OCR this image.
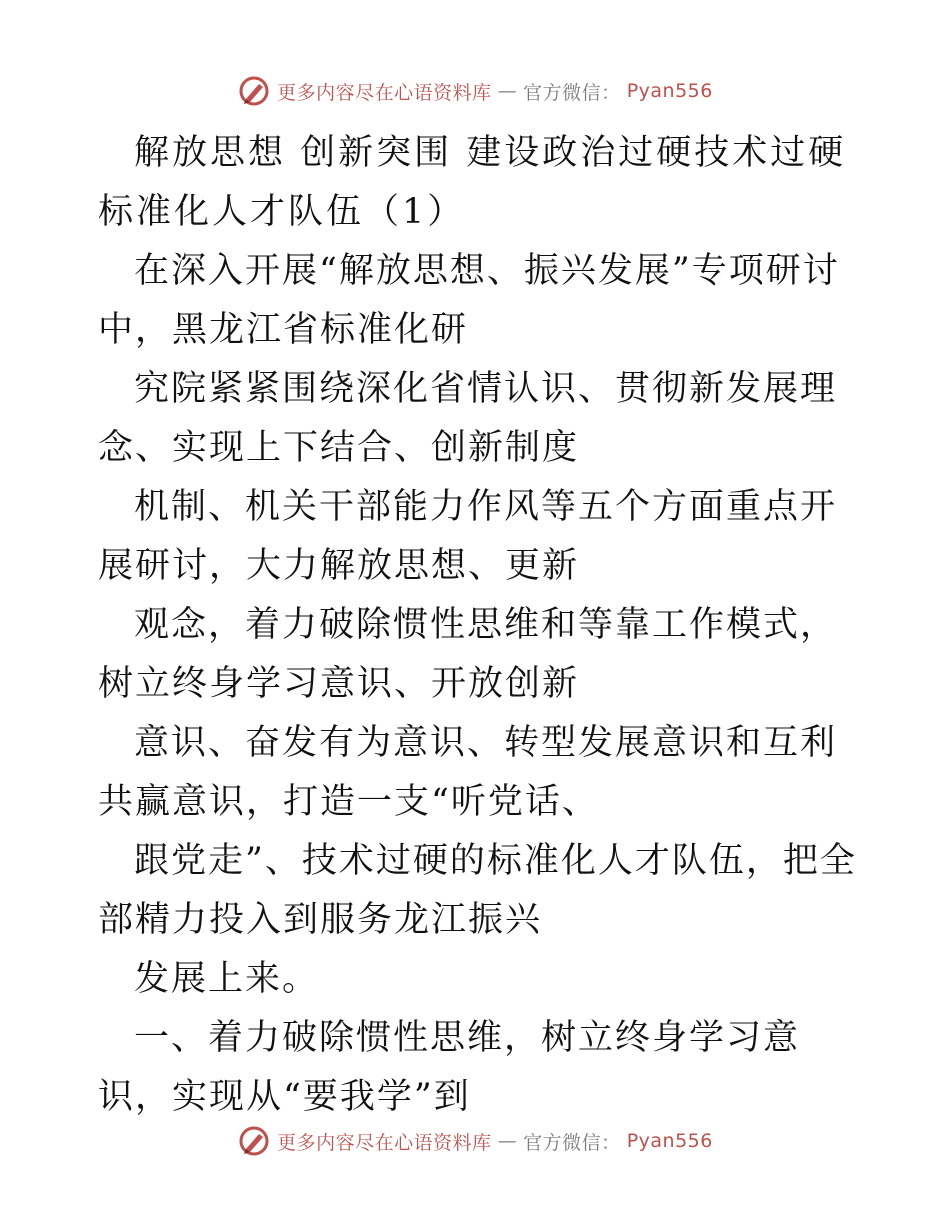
更多内容尽在心语资料库 — 官方微信： Pyan556

解放思想 创新突围 建设政治过硬技术过硬标准化人才队伍（1）

在深入开展“解放思想、振兴发展”专项研讨中，黑龙江省标准化研

究院紧紧围绕深化省情认识、贯彻新发展理念、实现上下结合、创新制度

机制、机关干部能力作风等五个方面重点开展研讨，大力解放思想、更新

观念，着力破除惯性思维和等靠工作模式，树立终身学习意识、开放创新

意识、奋发有为意识、转型发展意识和互利共赢意识，打造一支“听党话、

跟党走”、技术过硬的标准化人才队伍，把全部精力投入到服务龙江振兴

发展上来。

一、着力破除惯性思维，树立终身学习意识，实现从“要我学”到

更多内容尽在心语资料库 — 官方微信： Pyan556
